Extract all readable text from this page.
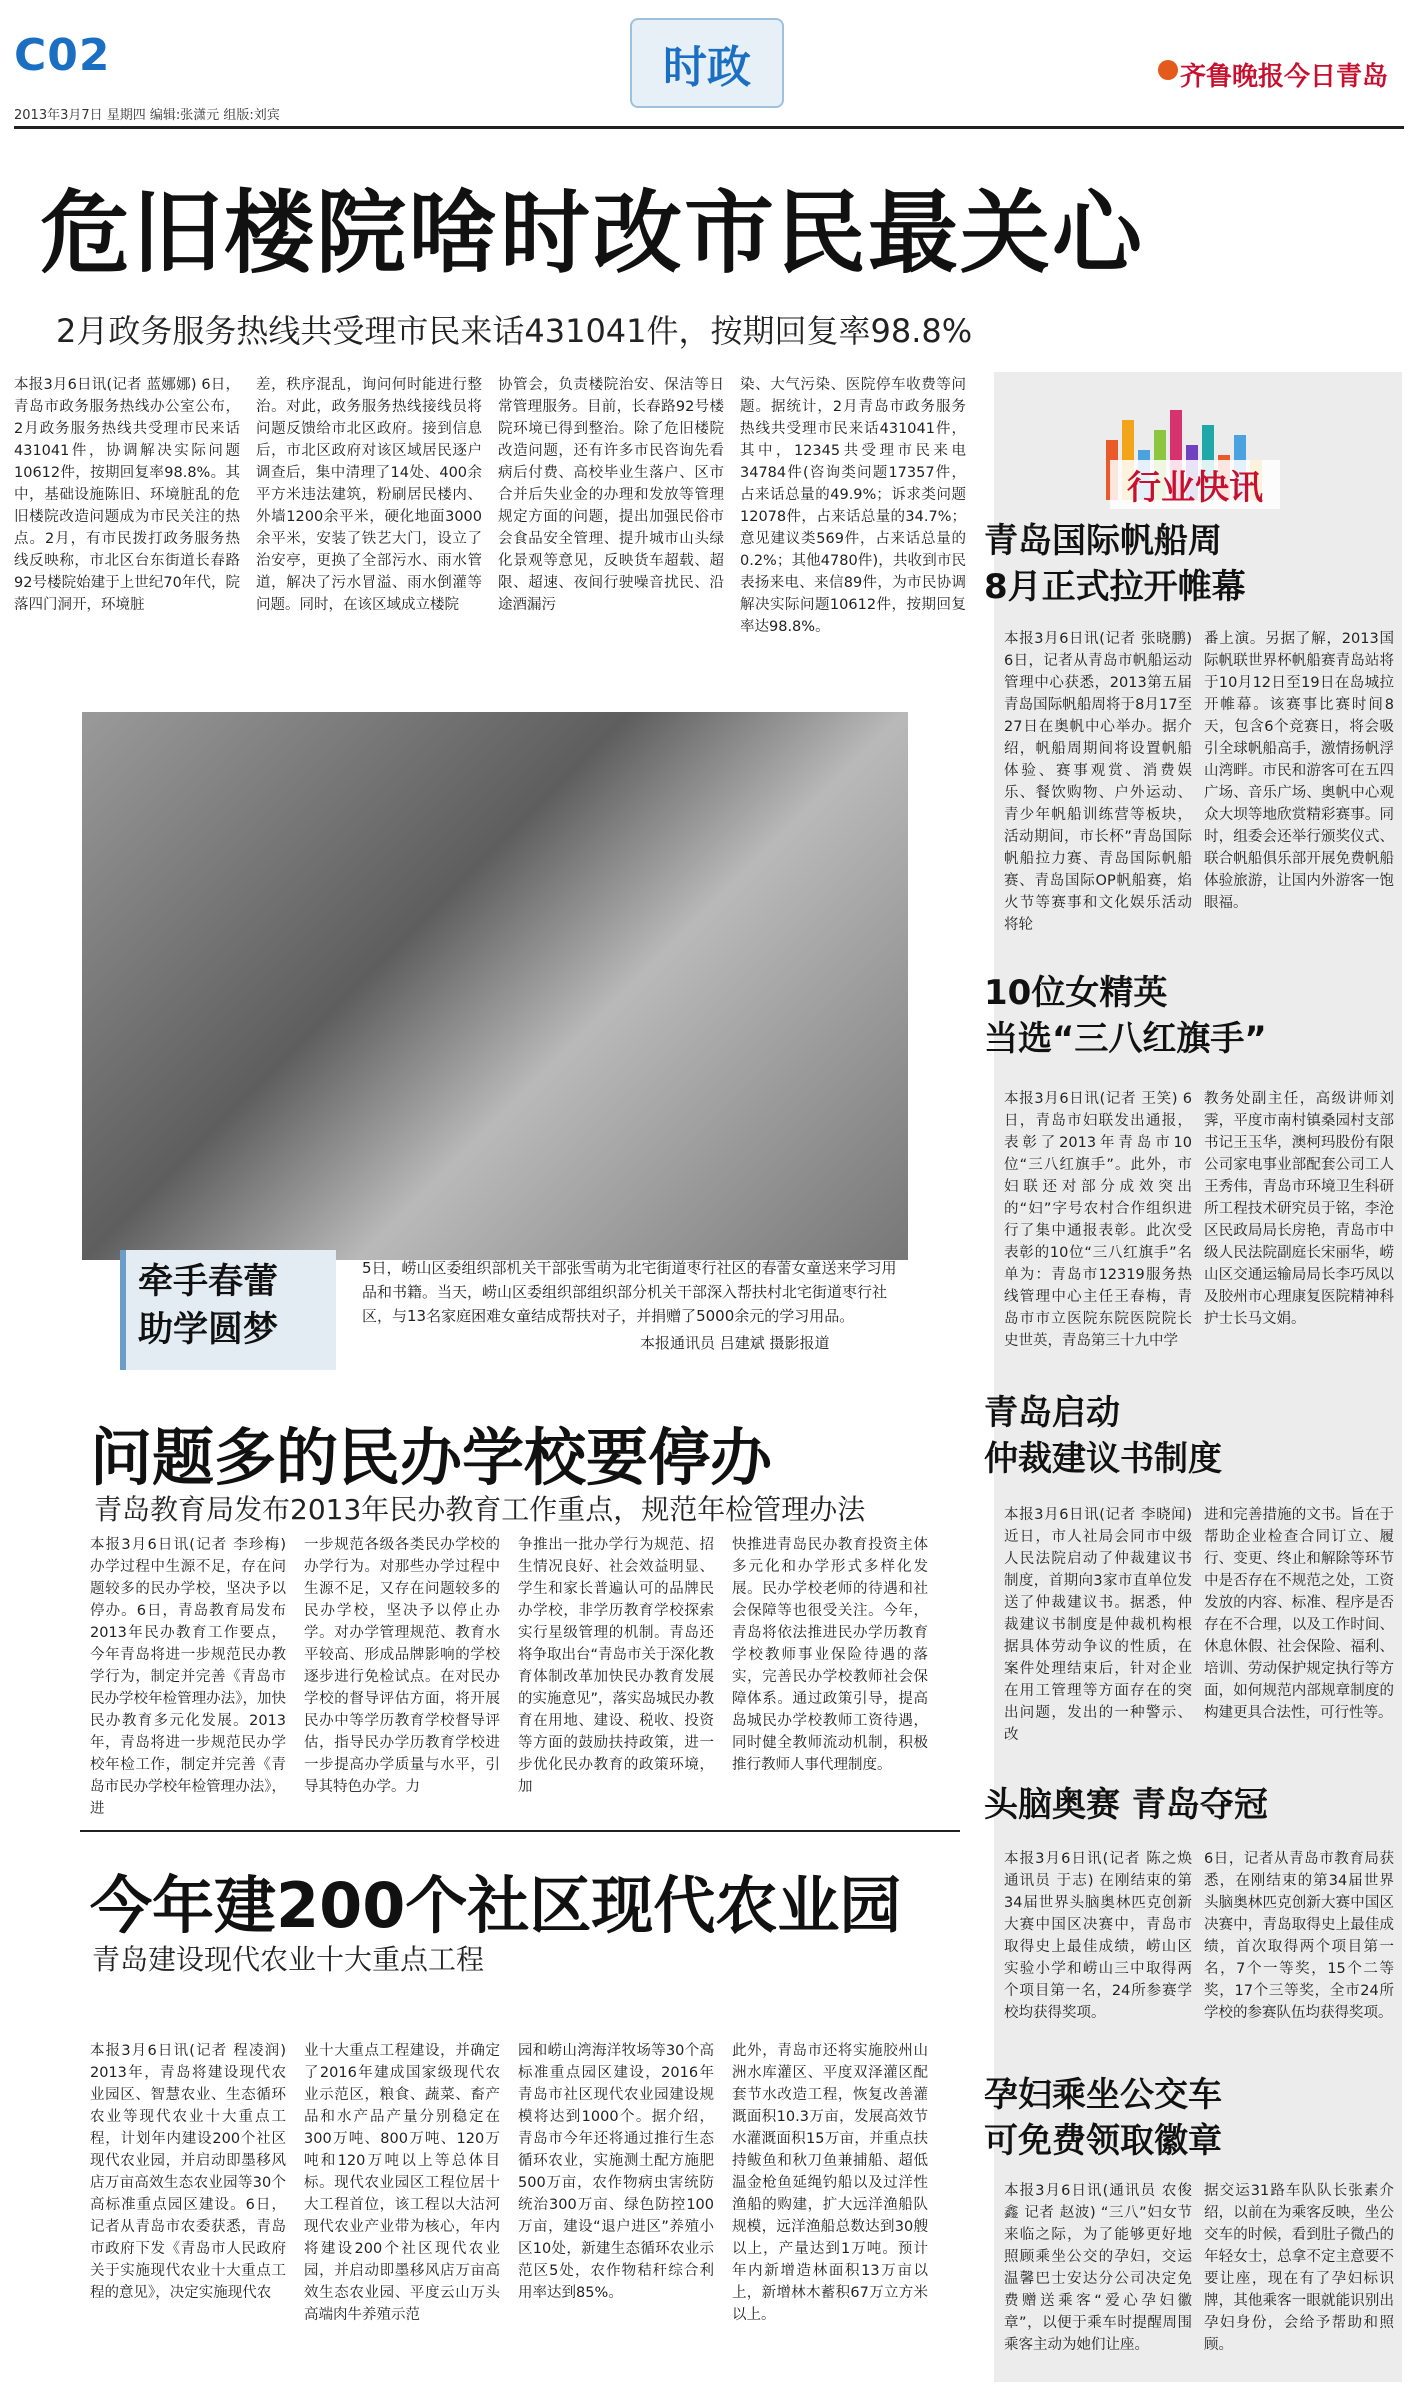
C02	时政	齐鲁晚报今日青岛
2013年3月7日 星期四 编辑:张潇元 组版:刘宾
危旧楼院啥时改市民最关心
2月政务服务热线共受理市民来话431041件，按期回复率98.8%
本报3月6日讯(记者 蓝娜娜) 6日，青岛市政务服务热线办公室公布，2月政务服务热线共受理市民来话431041件，协调解决实际问题10612件，按期回复率98.8%。其中，基础设施陈旧、环境脏乱的危旧楼院改造问题成为市民关注的热点。2月，有市民拨打政务服务热线反映称，市北区台东街道长春路92号楼院始建于上世纪70年代，院落四门洞开，环境脏
差，秩序混乱，询问何时能进行整治。对此，政务服务热线接线员将问题反馈给市北区政府。接到信息后，市北区政府对该区域居民逐户调查后，集中清理了14处、400余平方米违法建筑，粉刷居民楼内、外墙1200余平米，硬化地面3000余平米，安装了铁艺大门，设立了治安亭，更换了全部污水、雨水管道，解决了污水冒溢、雨水倒灌等问题。同时，在该区域成立楼院
协管会，负责楼院治安、保洁等日常管理服务。目前，长春路92号楼院环境已得到整治。除了危旧楼院改造问题，还有许多市民咨询先看病后付费、高校毕业生落户、区市合并后失业金的办理和发放等管理规定方面的问题，提出加强民俗市会食品安全管理、提升城市山头绿化景观等意见，反映货车超载、超限、超速、夜间行驶噪音扰民、沿途酒漏污
染、大气污染、医院停车收费等问题。据统计，2月青岛市政务服务热线共受理市民来话431041件，其中，12345共受理市民来电34784件(咨询类问题17357件，占来话总量的49.9%；诉求类问题12078件，占来话总量的34.7%；意见建议类569件，占来话总量的0.2%；其他4780件)，共收到市民表扬来电、来信89件，为市民协调解决实际问题10612件，按期回复率达98.8%。
牵手春蕾
助学圆梦
5日，崂山区委组织部机关干部张雪萌为北宅街道枣行社区的春蕾女童送来学习用品和书籍。当天，崂山区委组织部组织部分机关干部深入帮扶村北宅街道枣行社区，与13名家庭困难女童结成帮扶对子，并捐赠了5000余元的学习用品。
本报通讯员 吕建斌 摄影报道
问题多的民办学校要停办
青岛教育局发布2013年民办教育工作重点，规范年检管理办法
本报3月6日讯(记者 李珍梅) 办学过程中生源不足，存在问题较多的民办学校，坚决予以停办。6日，青岛教育局发布2013年民办教育工作要点，今年青岛将进一步规范民办教学行为，制定并完善《青岛市民办学校年检管理办法》，加快民办教育多元化发展。2013年，青岛将进一步规范民办学校年检工作，制定并完善《青岛市民办学校年检管理办法》，进
一步规范各级各类民办学校的办学行为。对那些办学过程中生源不足，又存在问题较多的民办学校，坚决予以停止办学。对办学管理规范、教育水平较高、形成品牌影响的学校逐步进行免检试点。在对民办学校的督导评估方面，将开展民办中等学历教育学校督导评估，指导民办学历教育学校进一步提高办学质量与水平，引导其特色办学。力
争推出一批办学行为规范、招生情况良好、社会效益明显、学生和家长普遍认可的品牌民办学校，非学历教育学校探索实行星级管理的机制。青岛还将争取出台“青岛市关于深化教育体制改革加快民办教育发展的实施意见”，落实岛城民办教育在用地、建设、税收、投资等方面的鼓励扶持政策，进一步优化民办教育的政策环境，加
快推进青岛民办教育投资主体多元化和办学形式多样化发展。民办学校老师的待遇和社会保障等也很受关注。今年，青岛将依法推进民办学历教育学校教师事业保险待遇的落实，完善民办学校教师社会保障体系。通过政策引导，提高岛城民办学校教师工资待遇，同时健全教师流动机制，积极推行教师人事代理制度。
今年建200个社区现代农业园
青岛建设现代农业十大重点工程
本报3月6日讯(记者 程凌润) 2013年，青岛将建设现代农业园区、智慧农业、生态循环农业等现代农业十大重点工程，计划年内建设200个社区现代农业园，并启动即墨移风店万亩高效生态农业园等30个高标准重点园区建设。6日，记者从青岛市农委获悉，青岛市政府下发《青岛市人民政府关于实施现代农业十大重点工程的意见》，决定实施现代农
业十大重点工程建设，并确定了2016年建成国家级现代农业示范区，粮食、蔬菜、畜产品和水产品产量分别稳定在300万吨、800万吨、120万吨和120万吨以上等总体目标。现代农业园区工程位居十大工程首位，该工程以大沽河现代农业产业带为核心，年内将建设200个社区现代农业园，并启动即墨移风店万亩高效生态农业园、平度云山万头高端肉牛养殖示范
园和崂山湾海洋牧场等30个高标准重点园区建设，2016年青岛市社区现代农业园建设规模将达到1000个。据介绍，青岛市今年还将通过推行生态循环农业，实施测土配方施肥500万亩，农作物病虫害统防统治300万亩、绿色防控100万亩，建设“退户进区”养殖小区10处，新建生态循环农业示范区5处，农作物秸秆综合利用率达到85%。
此外，青岛市还将实施胶州山洲水库灌区、平度双泽灌区配套节水改造工程，恢复改善灌溉面积10.3万亩，发展高效节水灌溉面积15万亩，并重点扶持鲅鱼和秋刀鱼兼捕船、超低温金枪鱼延绳钓船以及过洋性渔船的购建，扩大远洋渔船队规模，远洋渔船总数达到30艘以上，产量达到1万吨。预计年内新增造林面积13万亩以上，新增林木蓄积67万立方米以上。
行业快讯
青岛国际帆船周
8月正式拉开帷幕
本报3月6日讯(记者 张晓鹏) 6日，记者从青岛市帆船运动管理中心获悉，2013第五届青岛国际帆船周将于8月17至27日在奥帆中心举办。据介绍，帆船周期间将设置帆船体验、赛事观赏、消费娱乐、餐饮购物、户外运动、青少年帆船训练营等板块，活动期间，市长杯”青岛国际帆船拉力赛、青岛国际帆船赛、青岛国际OP帆船赛，焰火节等赛事和文化娱乐活动将轮
番上演。另据了解，2013国际帆联世界杯帆船赛青岛站将于10月12日至19日在岛城拉开帷幕。该赛事比赛时间8天，包含6个竞赛日，将会吸引全球帆船高手，激情扬帆浮山湾畔。市民和游客可在五四广场、音乐广场、奥帆中心观众大坝等地欣赏精彩赛事。同时，组委会还举行颁奖仪式、联合帆船俱乐部开展免费帆船体验旅游，让国内外游客一饱眼福。
10位女精英
当选“三八红旗手”
本报3月6日讯(记者 王笑) 6日，青岛市妇联发出通报，表彰了2013年青岛市10位“三八红旗手”。此外，市妇联还对部分成效突出的“妇”字号农村合作组织进行了集中通报表彰。此次受表彰的10位“三八红旗手”名单为：青岛市12319服务热线管理中心主任王春梅，青岛市市立医院东院医院院长史世英，青岛第三十九中学
教务处副主任，高级讲师刘霁，平度市南村镇桑园村支部书记王玉华，澳柯玛股份有限公司家电事业部配套公司工人王秀伟，青岛市环境卫生科研所工程技术研究员于铭，李沧区民政局局长房艳，青岛市中级人民法院副庭长宋丽华，崂山区交通运输局局长李巧凤以及胶州市心理康复医院精神科护士长马文娟。
青岛启动
仲裁建议书制度
本报3月6日讯(记者 李晓闻) 近日，市人社局会同市中级人民法院启动了仲裁建议书制度，首期向3家市直单位发送了仲裁建议书。据悉，仲裁建议书制度是仲裁机构根据具体劳动争议的性质，在案件处理结束后，针对企业在用工管理等方面存在的突出问题，发出的一种警示、改
进和完善措施的文书。旨在于帮助企业检查合同订立、履行、变更、终止和解除等环节中是否存在不规范之处，工资发放的内容、标准、程序是否存在不合理，以及工作时间、休息休假、社会保险、福利、培训、劳动保护规定执行等方面，如何规范内部规章制度的构建更具合法性，可行性等。
头脑奥赛 青岛夺冠
本报3月6日讯(记者 陈之焕 通讯员 于志) 在刚结束的第34届世界头脑奥林匹克创新大赛中国区决赛中，青岛市取得史上最佳成绩，崂山区实验小学和崂山三中取得两个项目第一名，24所参赛学校均获得奖项。
6日，记者从青岛市教育局获悉，在刚结束的第34届世界头脑奥林匹克创新大赛中国区决赛中，青岛取得史上最佳成绩，首次取得两个项目第一名，7个一等奖，15个二等奖，17个三等奖，全市24所学校的参赛队伍均获得奖项。
孕妇乘坐公交车
可免费领取徽章
本报3月6日讯(通讯员 农俊鑫 记者 赵波) “三八”妇女节来临之际，为了能够更好地照顾乘坐公交的孕妇，交运温馨巴士安达分公司决定免费赠送乘客“爱心孕妇徽章”，以便于乘车时提醒周围乘客主动为她们让座。
据交运31路车队队长张素介绍，以前在为乘客反映，坐公交车的时候，看到肚子微凸的年轻女士，总拿不定主意要不要让座，现在有了孕妇标识牌，其他乘客一眼就能识别出孕妇身份，会给予帮助和照顾。
